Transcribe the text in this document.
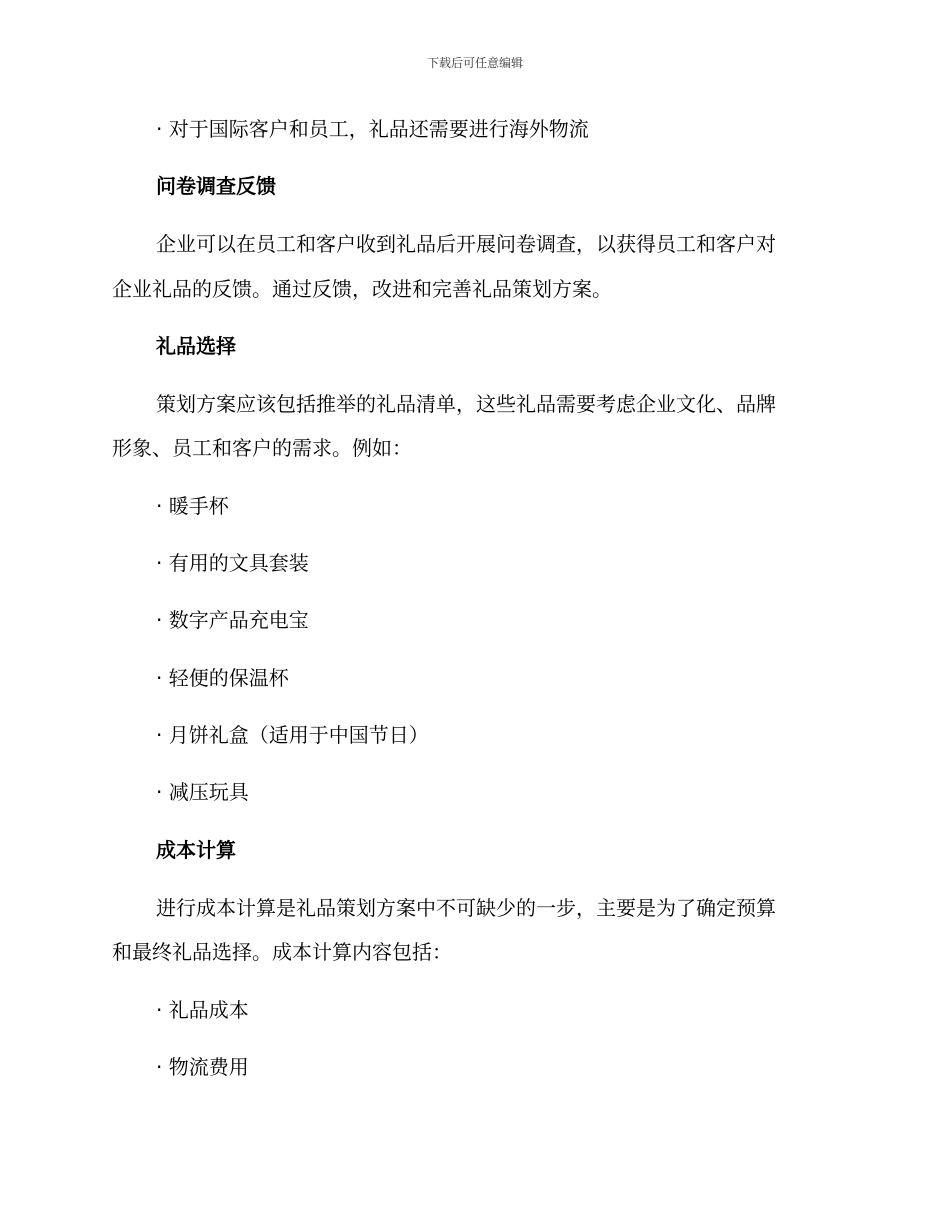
下载后可任意编辑
· 对于国际客户和员工，礼品还需要进行海外物流
问卷调查反馈
企业可以在员工和客户收到礼品后开展问卷调查，以获得员工和客户对
企业礼品的反馈。通过反馈，改进和完善礼品策划方案。
礼品选择
策划方案应该包括推举的礼品清单，这些礼品需要考虑企业文化、品牌
形象、员工和客户的需求。例如：
· 暖手杯
· 有用的文具套装
· 数字产品充电宝
· 轻便的保温杯
· 月饼礼盒（适用于中国节日）
· 减压玩具
成本计算
进行成本计算是礼品策划方案中不可缺少的一步，主要是为了确定预算
和最终礼品选择。成本计算内容包括：
· 礼品成本
· 物流费用
